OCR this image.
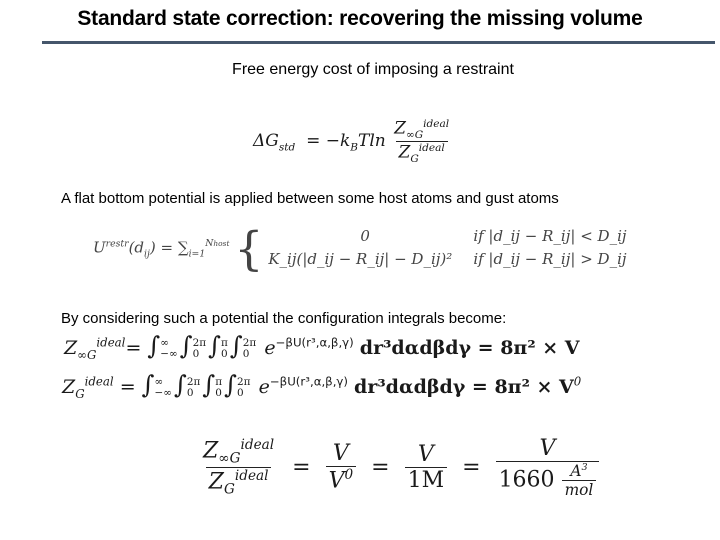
Standard state correction: recovering the missing volume
Free energy cost of imposing a restraint
$\Delta G_{std} = -k_BTln \frac{Z_{\infty G}^{ideal}}{Z_G^{ideal}}$
A flat bottom potential is applied between some host atoms and gust atoms
$U^{restr}(d_{ij}) = \sum_{i=1}^{Nhost}$ {	0	if |d_ij − R_ij| < D_ij
K_ij(|d_ij − R_ij| − D_ij)²	if |d_ij − R_ij| > D_ij
By considering such a potential the configuration integrals become:
$Z_{\infty G}^{ideal}=$ ∫ ∞
−∞ ∫ 2π
0 ∫ π
0 ∫ 2π
0 $e^{-\beta U(r^3,\alpha,\beta,\gamma)}$ dr³dαdβdγ = 8π² × V
$Z_G^{ideal}$ = ∫ ∞
−∞ ∫ 2π
0 ∫ π
0 ∫ 2π
0 $e^{-\beta U(r^3,\alpha,\beta,\gamma)}$ $dr^3d\alpha d\beta d\gamma = 8\pi^2 \times V^0$
$\frac{Z_{\infty G}^{ideal}}{Z_G^{ideal}} = \frac{V}{V^0} = \frac{V}{1M} = \frac{V}{1660 \frac{A^3}{\text{mol}}}$
